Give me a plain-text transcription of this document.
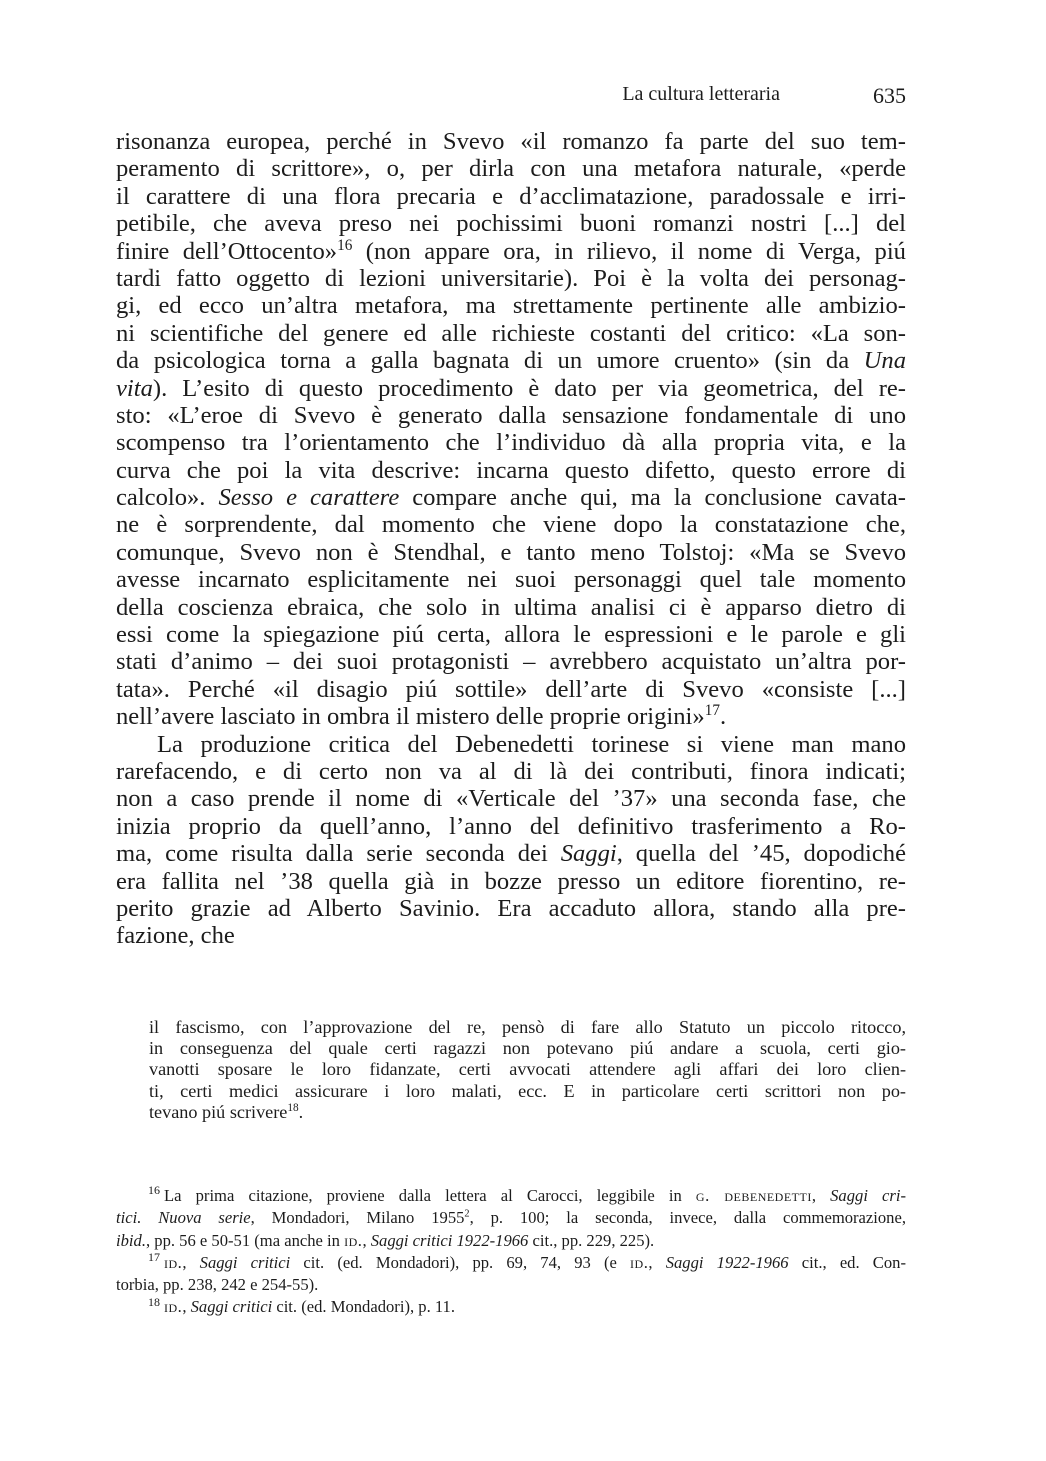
La cultura letteraria	635
risonanza europea, perché in Svevo «il romanzo fa parte del suo tem-
peramento di scrittore», o, per dirla con una metafora naturale, «perde
il carattere di una flora precaria e d’acclimatazione, paradossale e irri-
petibile, che aveva preso nei pochissimi buoni romanzi nostri [...] del
finire dell’Ottocento»$^{16}$ (non appare ora, in rilievo, il nome di Verga, piú
tardi fatto oggetto di lezioni universitarie). Poi è la volta dei personag-
gi, ed ecco un’altra metafora, ma strettamente pertinente alle ambizio-
ni scientifiche del genere ed alle richieste costanti del critico: «La son-
da psicologica torna a galla bagnata di un umore cruento» (sin da Una
vita). L’esito di questo procedimento è dato per via geometrica, del re-
sto: «L’eroe di Svevo è generato dalla sensazione fondamentale di uno
scompenso tra l’orientamento che l’individuo dà alla propria vita, e la
curva che poi la vita descrive: incarna questo difetto, questo errore di
calcolo». Sesso e carattere compare anche qui, ma la conclusione cavata-
ne è sorprendente, dal momento che viene dopo la constatazione che,
comunque, Svevo non è Stendhal, e tanto meno Tolstoj: «Ma se Svevo
avesse incarnato esplicitamente nei suoi personaggi quel tale momento
della coscienza ebraica, che solo in ultima analisi ci è apparso dietro di
essi come la spiegazione piú certa, allora le espressioni e le parole e gli
stati d’animo – dei suoi protagonisti – avrebbero acquistato un’altra por-
tata». Perché «il disagio piú sottile» dell’arte di Svevo «consiste [...]
nell’avere lasciato in ombra il mistero delle proprie origini»$^{17}$.
La produzione critica del Debenedetti torinese si viene man mano
rarefacendo, e di certo non va al di là dei contributi, finora indicati;
non a caso prende il nome di «Verticale del ’37» una seconda fase, che
inizia proprio da quell’anno, l’anno del definitivo trasferimento a Ro-
ma, come risulta dalla serie seconda dei Saggi, quella del ’45, dopodiché
era fallita nel ’38 quella già in bozze presso un editore fiorentino, re-
perito grazie ad Alberto Savinio. Era accaduto allora, stando alla pre-
fazione, che
il fascismo, con l’approvazione del re, pensò di fare allo Statuto un piccolo ritocco,
in conseguenza del quale certi ragazzi non potevano piú andare a scuola, certi gio-
vanotti sposare le loro fidanzate, certi avvocati attendere agli affari dei loro clien-
ti, certi medici assicurare i loro malati, ecc. E in particolare certi scrittori non po-
tevano piú scrivere$^{18}$.
$^{16}$ La prima citazione, proviene dalla lettera al Carocci, leggibile in g. debenedetti, Saggi cri-
tici. Nuova serie, Mondadori, Milano 1955$^2$, p. 100; la seconda, invece, dalla commemorazione,
ibid., pp. 56 e 50-51 (ma anche in id., Saggi critici 1922-1966 cit., pp. 229, 225).
$^{17}$ id., Saggi critici cit. (ed. Mondadori), pp. 69, 74, 93 (e id., Saggi 1922-1966 cit., ed. Con-
torbia, pp. 238, 242 e 254-55).
$^{18}$ id., Saggi critici cit. (ed. Mondadori), p. 11.
